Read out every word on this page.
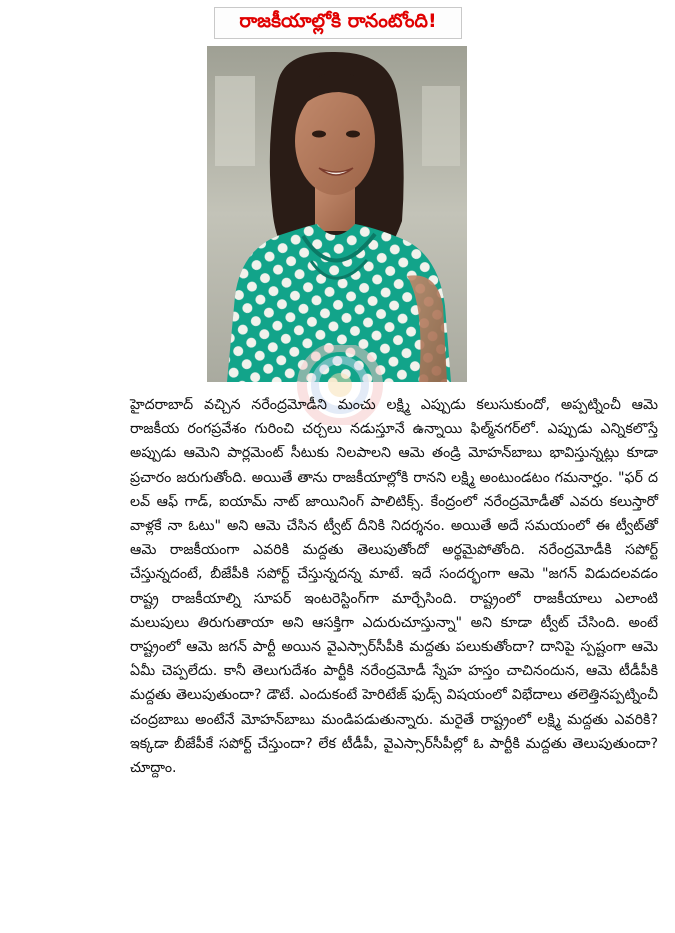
రాజకీయాల్లోకి రానంటోంది!

హైదరాబాద్ వచ్చిన నరేంద్రమోడీని మంచు లక్ష్మి ఎప్పుడు కలుసుకుందో, అప్పట్నించీ ఆమె రాజకీయ రంగప్రవేశం గురించి చర్చలు నడుస్తూనే ఉన్నాయి ఫిల్మ్‌నగర్‌లో. ఎప్పుడు ఎన్నికలొస్తే అప్పుడు ఆమెని పార్లమెంట్ సీటుకు నిలపాలని ఆమె తండ్రి మోహన్‌బాబు భావిస్తున్నట్లు కూడా ప్రచారం జరుగుతోంది. అయితే తాను రాజకీయాల్లోకి రానని లక్ష్మి అంటుండటం గమనార్హం. "ఫర్ ద లవ్ ఆఫ్ గాడ్, ఐయామ్ నాట్ జాయినింగ్ పాలిటిక్స్. కేంద్రంలో నరేంద్రమోడీతో ఎవరు కలుస్తారో వాళ్లకే నా ఓటు" అని ఆమె చేసిన ట్వీట్ దీనికి నిదర్శనం. అయితే అదే సమయంలో ఈ ట్వీట్‌తో ఆమె రాజకీయంగా ఎవరికి మద్దతు తెలుపుతోందో అర్థమైపోతోంది. నరేంద్రమోడీకి సపోర్ట్ చేస్తున్నదంటే, బీజేపీకి సపోర్ట్ చేస్తున్నదన్న మాటే. ఇదే సందర్భంగా ఆమె "జగన్ విడుదలవడం రాష్ట్ర రాజకీయాల్ని సూపర్ ఇంటరెస్టింగ్‌గా మార్చేసింది. రాష్ట్రంలో రాజకీయాలు ఎలాంటి మలుపులు తిరుగుతాయా అని ఆసక్తిగా ఎదురుచూస్తున్నా" అని కూడా ట్వీట్ చేసింది. అంటే రాష్ట్రంలో ఆమె జగన్ పార్టీ అయిన వైఎస్సార్‌సీపీకి మద్దతు పలుకుతోందా? దానిపై స్పష్టంగా ఆమె ఏమీ చెప్పలేదు. కానీ తెలుగుదేశం పార్టీకి నరేంద్రమోడీ స్నేహ హస్తం చాచినందున, ఆమె టీడీపీకి మద్దతు తెలుపుతుందా? డౌటే. ఎందుకంటే హెరిటేజ్ ఫుడ్స్ విషయంలో విభేదాలు తలెత్తినప్పట్నించీ చంద్రబాబు అంటేనే మోహన్‌బాబు మండిపడుతున్నారు. మరైతే రాష్ట్రంలో లక్ష్మి మద్దతు ఎవరికి? ఇక్కడా బీజేపీకే సపోర్ట్ చేస్తుందా? లేక టీడీపీ, వైఎస్సార్‌సీపీల్లో ఓ పార్టీకి మద్దతు తెలుపుతుందా? చూద్దాం.
